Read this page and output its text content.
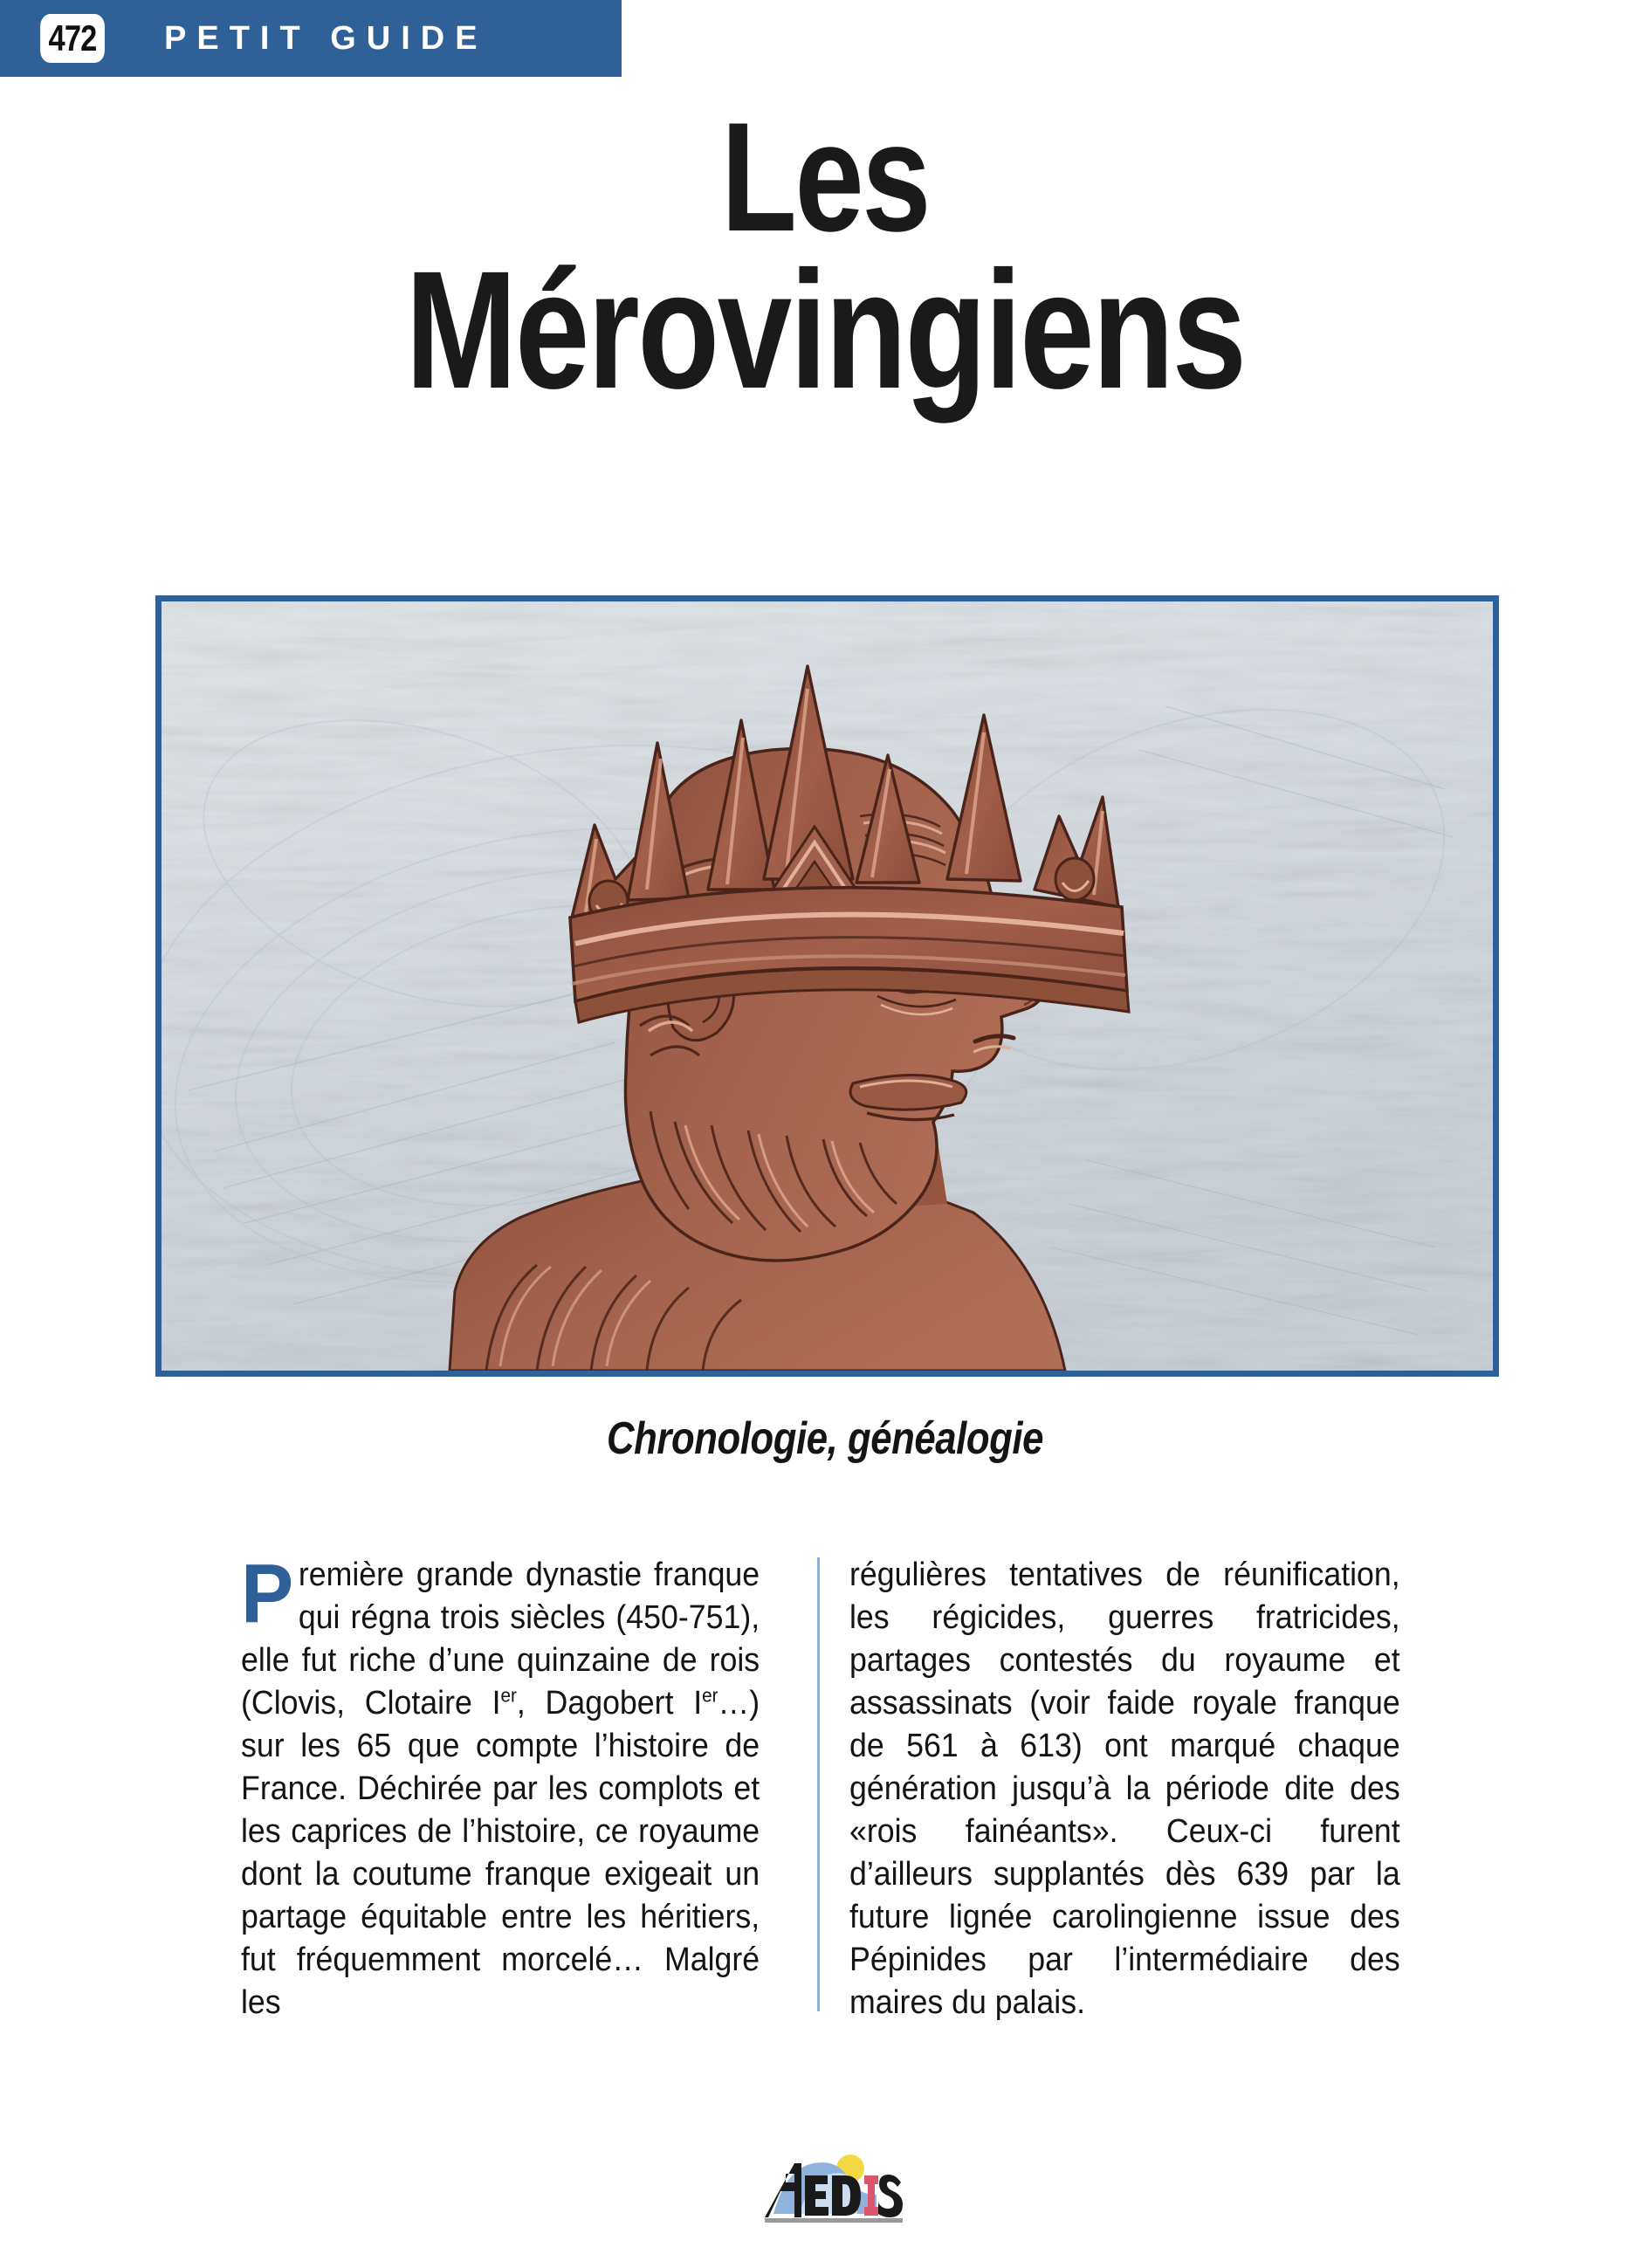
472 PETIT GUIDE
Les
Mérovingiens
Chronologie, généalogie
Première grande dynastie franque qui régna trois siècles (450-751), elle fut riche d’une quinzaine de rois (Clovis, Clotaire Ier, Dagobert Ier…) sur les 65 que compte l’histoire de France. Déchirée par les complots et les caprices de l’histoire, ce royaume dont la coutume franque exigeait un partage équitable entre les héritiers, fut fréquemment morcelé… Malgré les
régulières tentatives de réunification, les régicides, guerres fratricides, partages contestés du royaume et assassinats (voir faide royale franque de 561 à 613) ont marqué chaque génération jusqu’à la période dite des «rois fainéants». Ceux-ci furent d’ailleurs supplantés dès 639 par la future lignée carolingienne issue des Pépinides par l’intermédiaire des maires du palais.
